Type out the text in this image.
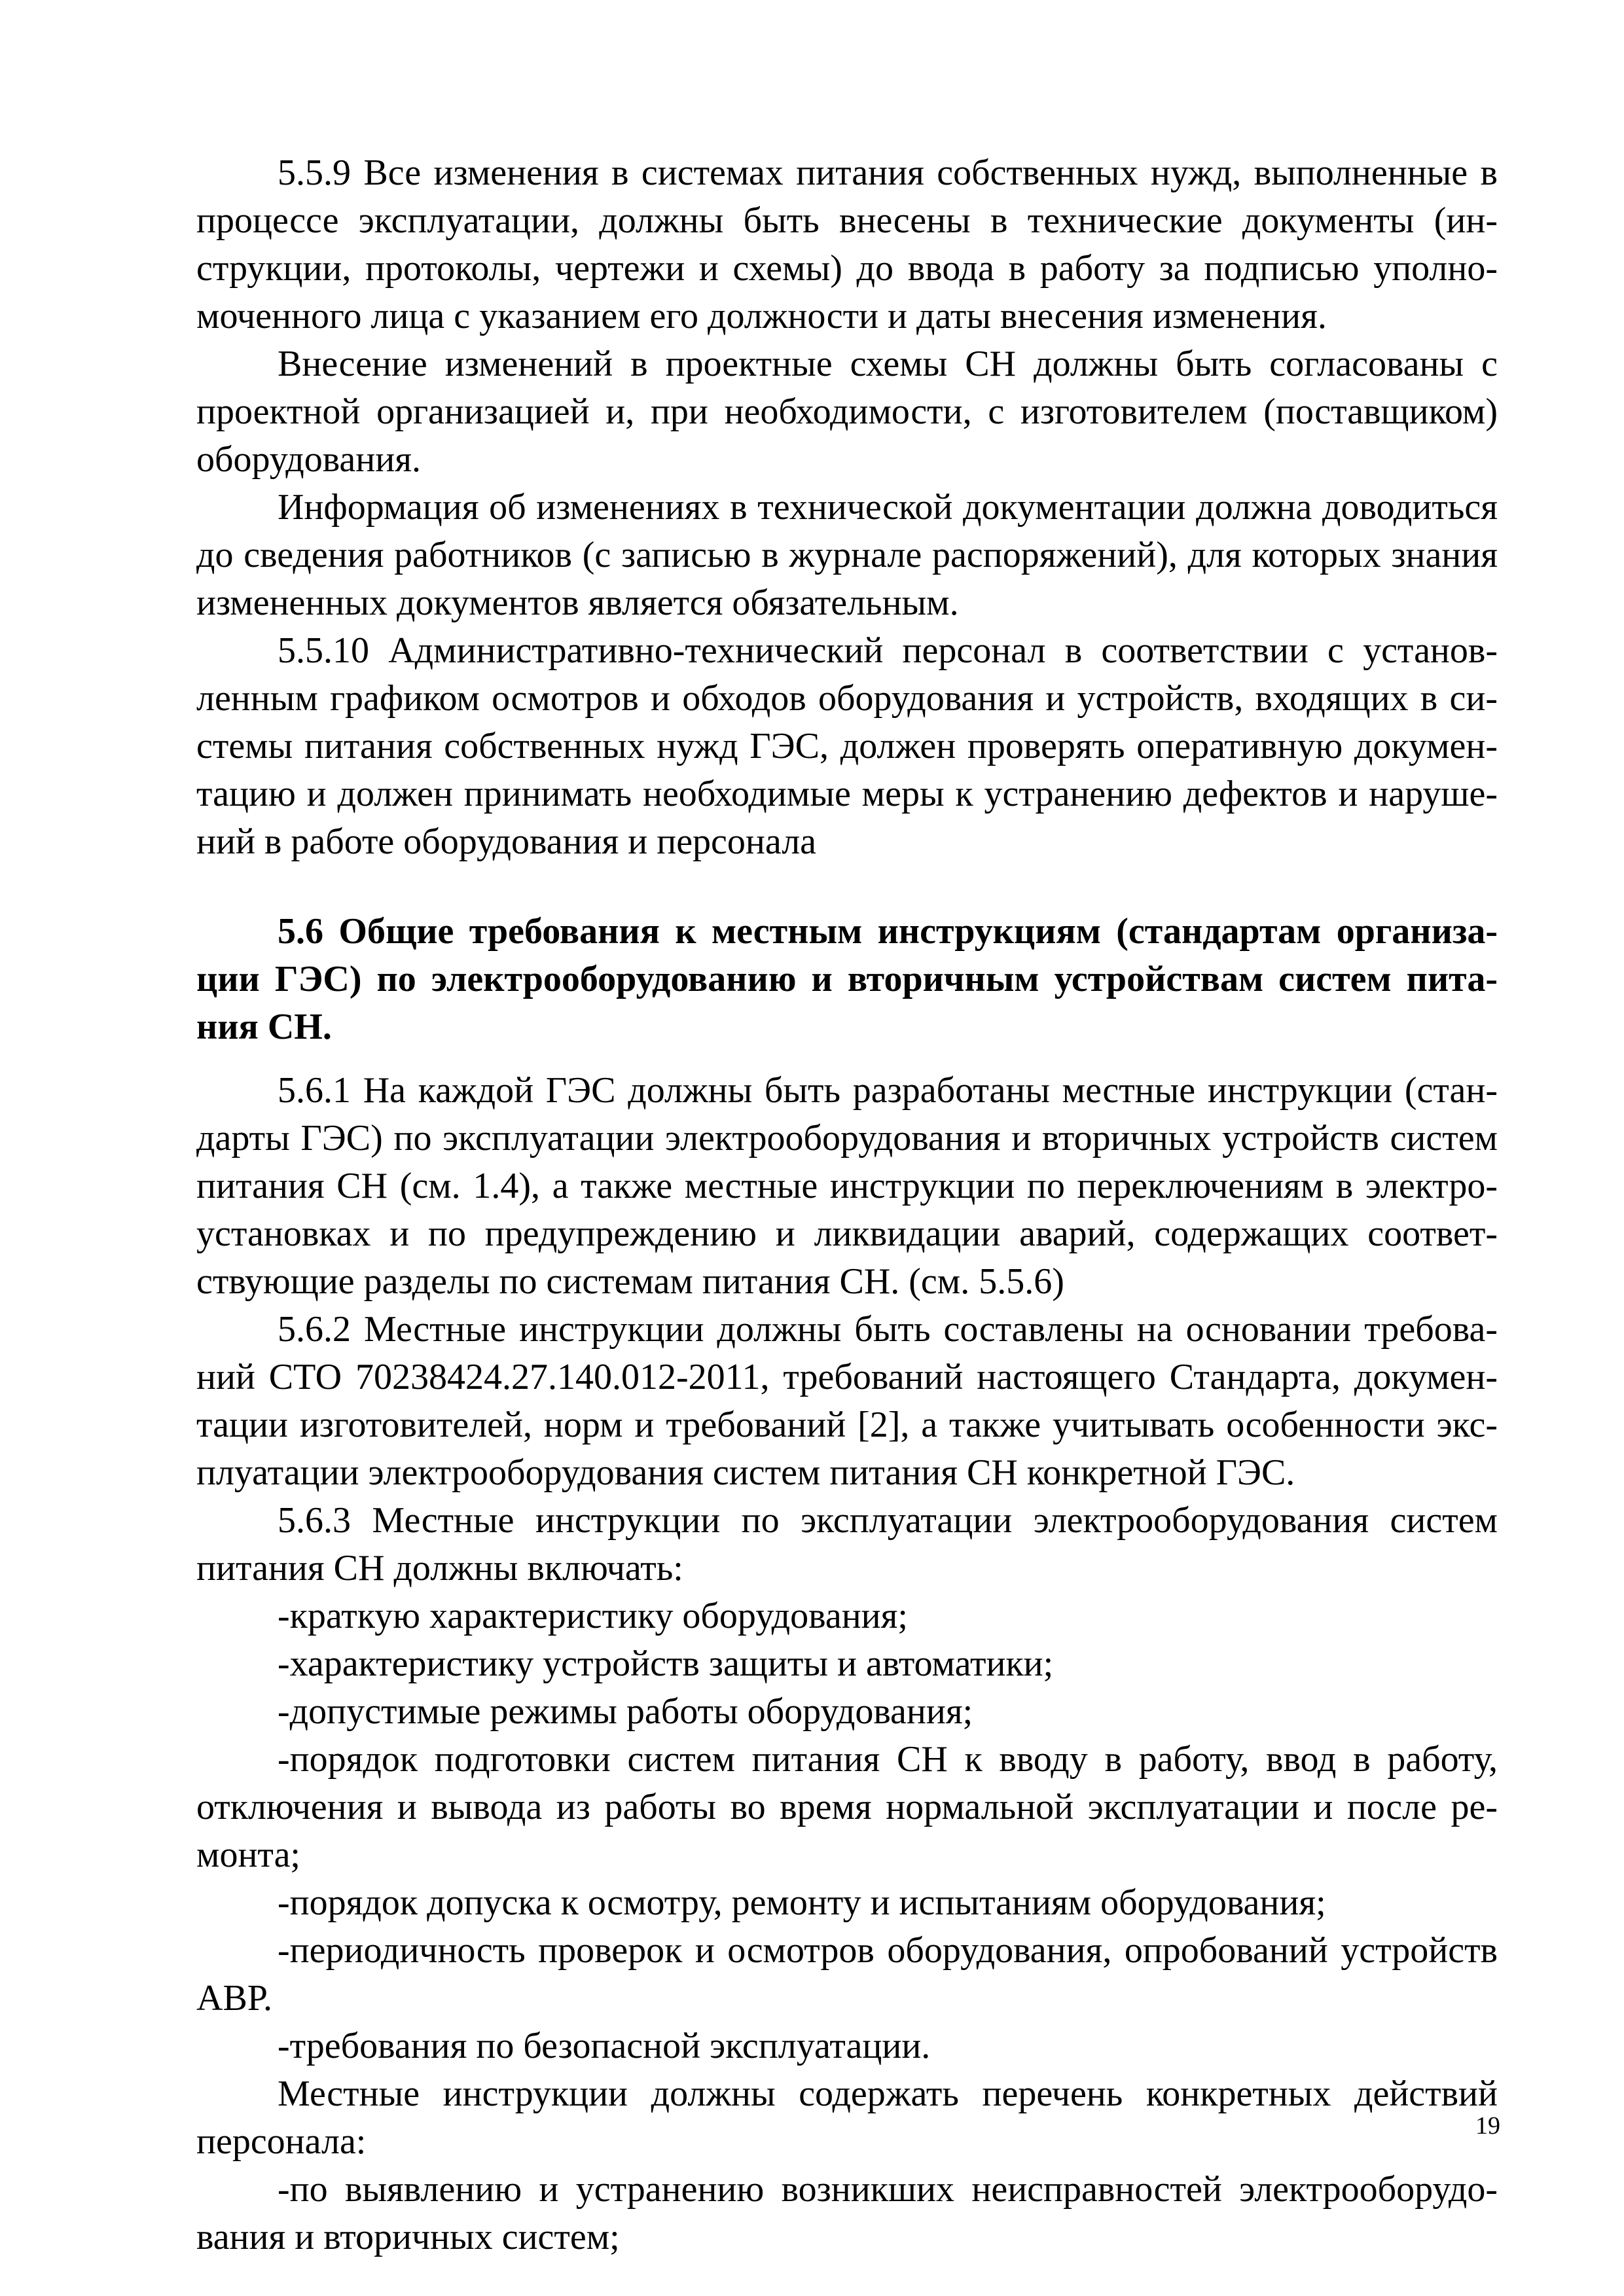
5.5.9 Все изменения в системах питания собственных нужд, выполненные в процессе эксплуатации, должны быть внесены в технические документы (инструкции, протоколы, чертежи и схемы) до ввода в работу за подписью уполномоченного лица с указанием его должности и даты внесения изменения.

Внесение изменений в проектные схемы СН должны быть согласованы с проектной организацией и, при необходимости, с изготовителем (поставщиком) оборудования.

Информация об изменениях в технической документации должна доводиться до сведения работников (с записью в журнале распоряжений), для которых знания измененных документов является обязательным.

5.5.10 Административно-технический персонал в соответствии с установленным графиком осмотров и обходов оборудования и устройств, входящих в системы питания собственных нужд ГЭС, должен проверять оперативную документацию и должен принимать необходимые меры к устранению дефектов и нарушений в работе оборудования и персонала

5.6 Общие требования к местным инструкциям (стандартам организации ГЭС) по электрооборудованию и вторичным устройствам систем питания СН.

5.6.1 На каждой ГЭС должны быть разработаны местные инструкции (стандарты ГЭС) по эксплуатации электрооборудования и вторичных устройств систем питания СН (см. 1.4), а также местные инструкции по переключениям в электроустановках и по предупреждению и ликвидации аварий, содержащих соответствующие разделы по системам питания СН. (см. 5.5.6)

5.6.2 Местные инструкции должны быть составлены на основании требований СТО 70238424.27.140.012-2011, требований настоящего Стандарта, документации изготовителей, норм и требований [2], а также учитывать особенности эксплуатации электрооборудования систем питания СН конкретной ГЭС.

5.6.3 Местные инструкции по эксплуатации электрооборудования систем питания СН должны включать:

-краткую характеристику оборудования;

-характеристику устройств защиты и автоматики;

-допустимые режимы работы оборудования;

-порядок подготовки систем питания СН к вводу в работу, ввод в работу, отключения и вывода из работы во время нормальной эксплуатации и после ремонта;

-порядок допуска к осмотру, ремонту и испытаниям оборудования;

-периодичность проверок и осмотров оборудования, опробований устройств АВР.

-требования по безопасной эксплуатации.

Местные инструкции должны содержать перечень конкретных действий персонала:

-по выявлению и устранению возникших неисправностей электрооборудования и вторичных систем;

19
